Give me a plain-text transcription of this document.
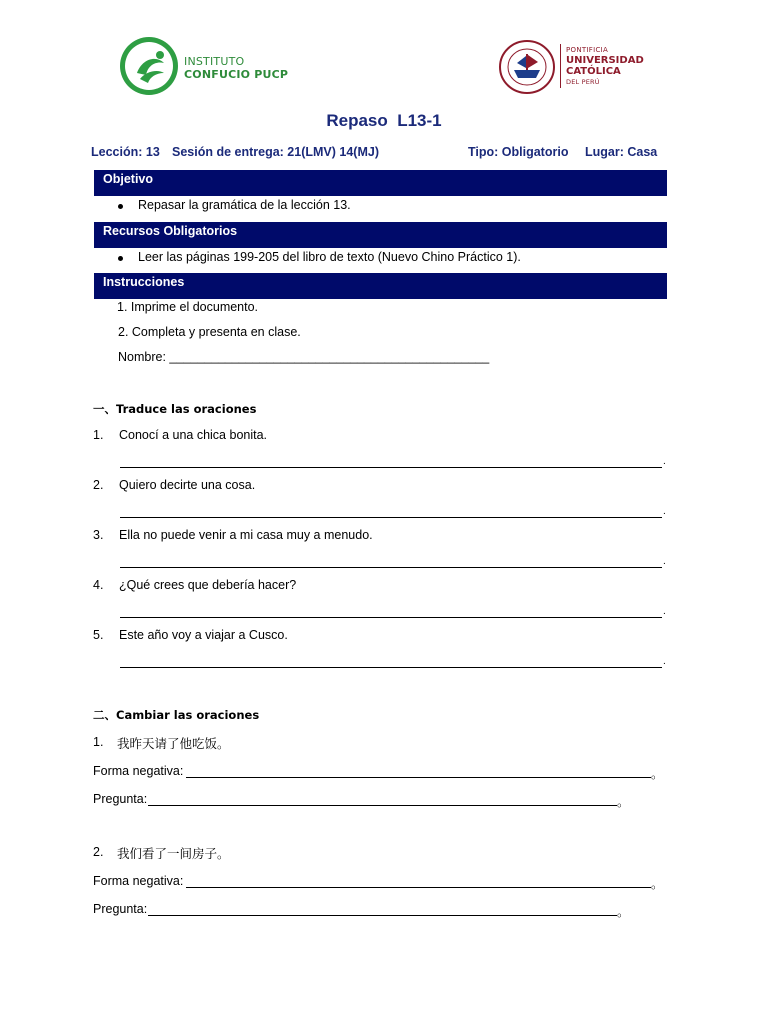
INSTITUTO
CONFUCIO PUCP
PONTIFICIA
UNIVERSIDAD
CATÓLICA
DEL PERÚ
Repaso  L13-1
Lección: 13 Sesión de entrega: 21(LMV) 14(MJ)	Tipo: Obligatorio Lugar: Casa
Objetivo
Repasar la gramática de la lección 13.
Recursos Obligatorios
Leer las páginas 199-205 del libro de texto (Nuevo Chino Práctico 1).
Instrucciones
1. Imprime el documento.
2. Completa y presenta en clase.
Nombre: ______________________________________________
一、Traduce las oraciones
1. Conocí a una chica bonita.
.
2. Quiero decirte una cosa.
.
3. Ella no puede venir a mi casa muy a menudo.
.
4. ¿Qué crees que debería hacer?
.
5. Este año voy a viajar a Cusco.
.
二、Cambiar las oraciones
1. 我昨天请了他吃饭。
Forma negativa:	。
Pregunta:	。
2. 我们看了一间房子。
Forma negativa:	。
Pregunta:	。
